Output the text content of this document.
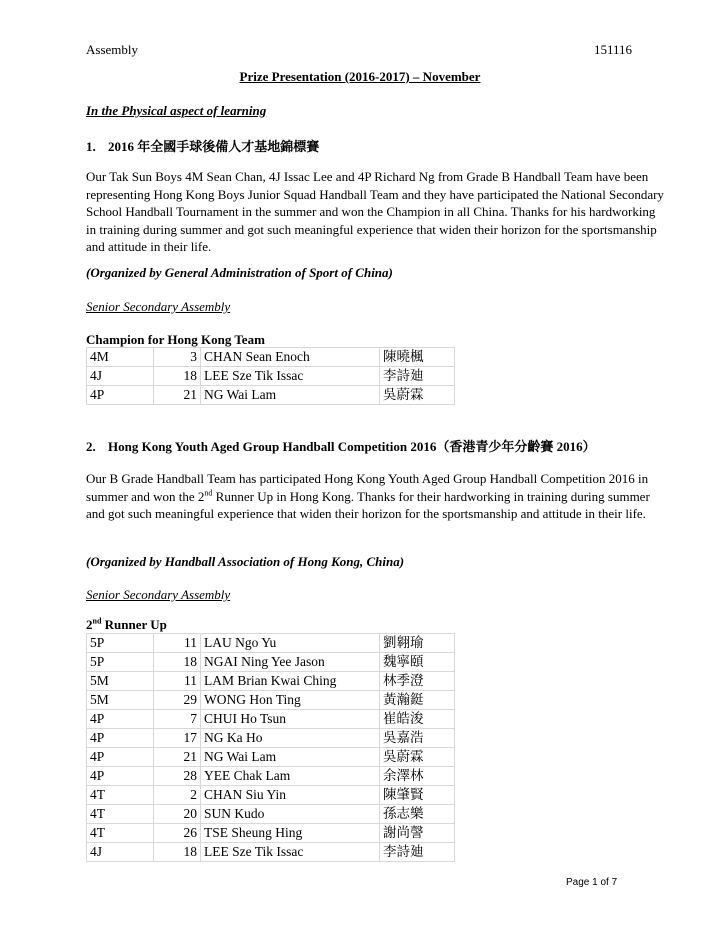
Assembly	151116
Prize Presentation (2016-2017) – November
In the Physical aspect of learning
1. 2016 年全國手球後備人才基地錦標賽
Our Tak Sun Boys 4M Sean Chan, 4J Issac Lee and 4P Richard Ng from Grade B Handball Team have been representing Hong Kong Boys Junior Squad Handball Team and they have participated the National Secondary School Handball Tournament in the summer and won the Champion in all China. Thanks for his hardworking in training during summer and got such meaningful experience that widen their horizon for the sportsmanship and attitude in their life.
(Organized by General Administration of Sport of China)
Senior Secondary Assembly
Champion for Hong Kong Team
4M	3	CHAN Sean Enoch	陳曉楓
4J	18	LEE Sze Tik Issac	李詩廸
4P	21	NG Wai Lam	吳蔚霖
2. Hong Kong Youth Aged Group Handball Competition 2016（香港青少年分齡賽 2016）
Our B Grade Handball Team has participated Hong Kong Youth Aged Group Handball Competition 2016 in summer and won the 2nd Runner Up in Hong Kong. Thanks for their hardworking in training during summer and got such meaningful experience that widen their horizon for the sportsmanship and attitude in their life.
(Organized by Handball Association of Hong Kong, China)
Senior Secondary Assembly
2nd Runner Up
5P	11	LAU Ngo Yu	劉翱瑜
5P	18	NGAI Ning Yee Jason	魏寧頤
5M	11	LAM Brian Kwai Ching	林季澄
5M	29	WONG Hon Ting	黃瀚鋌
4P	7	CHUI Ho Tsun	崔皓浚
4P	17	NG Ka Ho	吳嘉浩
4P	21	NG Wai Lam	吳蔚霖
4P	28	YEE Chak Lam	余澤林
4T	2	CHAN Siu Yin	陳肇賢
4T	20	SUN Kudo	孫志樂
4T	26	TSE Sheung Hing	謝尚謦
4J	18	LEE Sze Tik Issac	李詩廸
Page 1 of 7
